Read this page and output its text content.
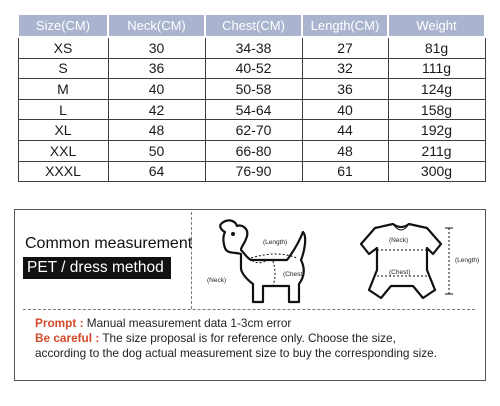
Size(CM)	Neck(CM)	Chest(CM)	Length(CM)	Weight
XS	30	34-38	27	81g
S	36	40-52	32	111g
M	40	50-58	36	124g
L	42	54-64	40	158g
XL	48	62-70	44	192g
XXL	50	66-80	48	211g
XXXL	64	76-90	61	300g
Common measurement
PET / dress method
(Length)
(Neck)
(Chest)
(Neck)
(Length)
(Chest)
Prompt : Manual measurement data 1-3cm error
Be careful : The size proposal is for reference only. Choose the size,
according to the dog actual measurement size to buy the corresponding size.
